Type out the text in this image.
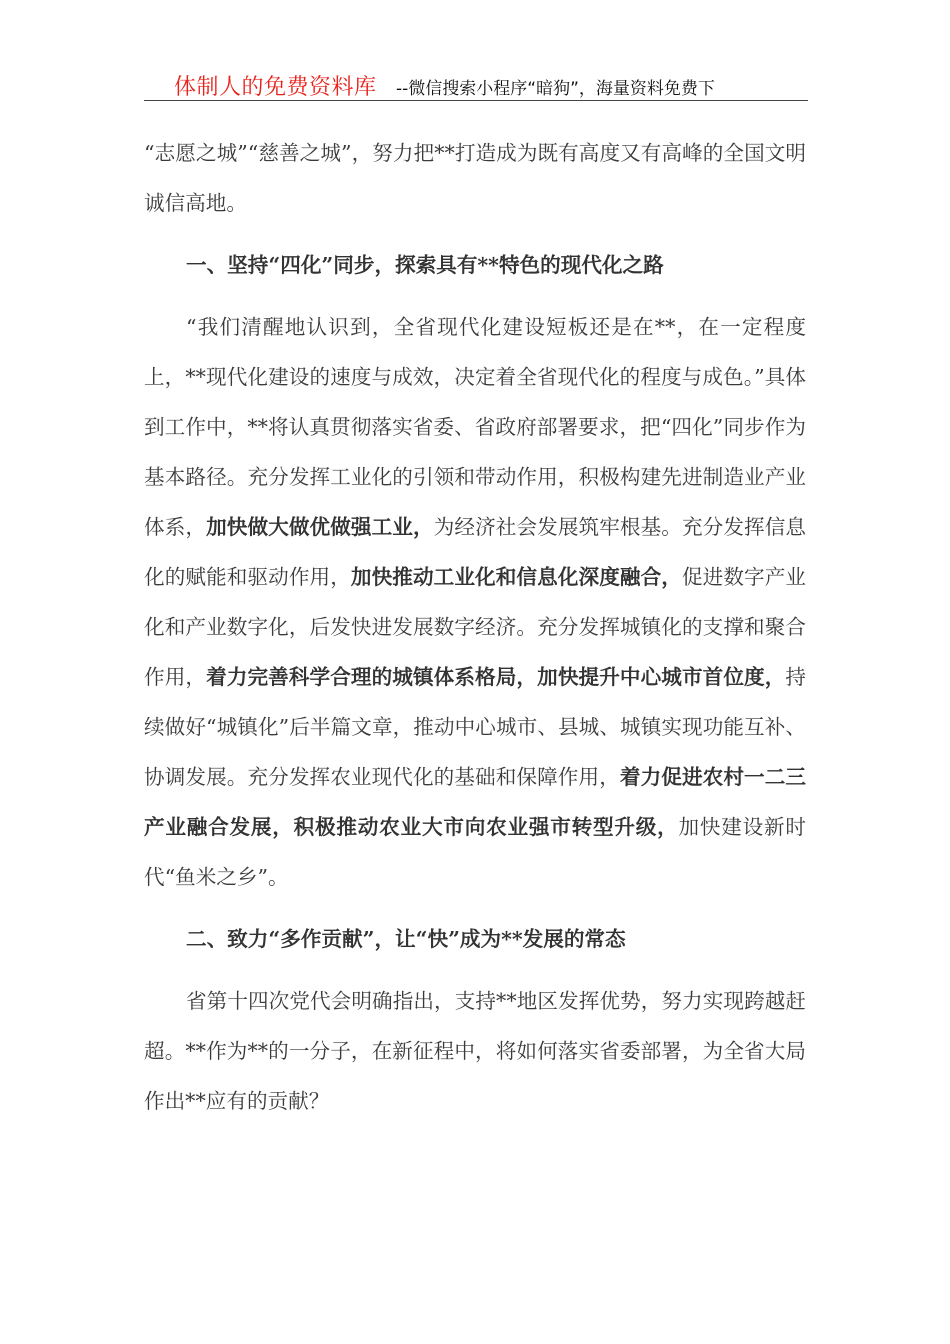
体制人的免费资料库 --微信搜索小程序“暗狗”，海量资料免费下

“志愿之城”“慈善之城”，努力把**打造成为既有高度又有高峰的全国文明诚信高地。

一、坚持“四化”同步，探索具有**特色的现代化之路

“我们清醒地认识到，全省现代化建设短板还是在**，在一定程度上，**现代化建设的速度与成效，决定着全省现代化的程度与成色。”具体到工作中，**将认真贯彻落实省委、省政府部署要求，把“四化”同步作为基本路径。充分发挥工业化的引领和带动作用，积极构建先进制造业产业体系，加快做大做优做强工业，为经济社会发展筑牢根基。充分发挥信息化的赋能和驱动作用，加快推动工业化和信息化深度融合，促进数字产业化和产业数字化，后发快进发展数字经济。充分发挥城镇化的支撑和聚合作用，着力完善科学合理的城镇体系格局，加快提升中心城市首位度，持续做好“城镇化”后半篇文章，推动中心城市、县城、城镇实现功能互补、协调发展。充分发挥农业现代化的基础和保障作用，着力促进农村一二三产业融合发展，积极推动农业大市向农业强市转型升级，加快建设新时代“鱼米之乡”。

二、致力“多作贡献”，让“快”成为**发展的常态

省第十四次党代会明确指出，支持**地区发挥优势，努力实现跨越赶超。**作为**的一分子，在新征程中，将如何落实省委部署，为全省大局作出**应有的贡献？
